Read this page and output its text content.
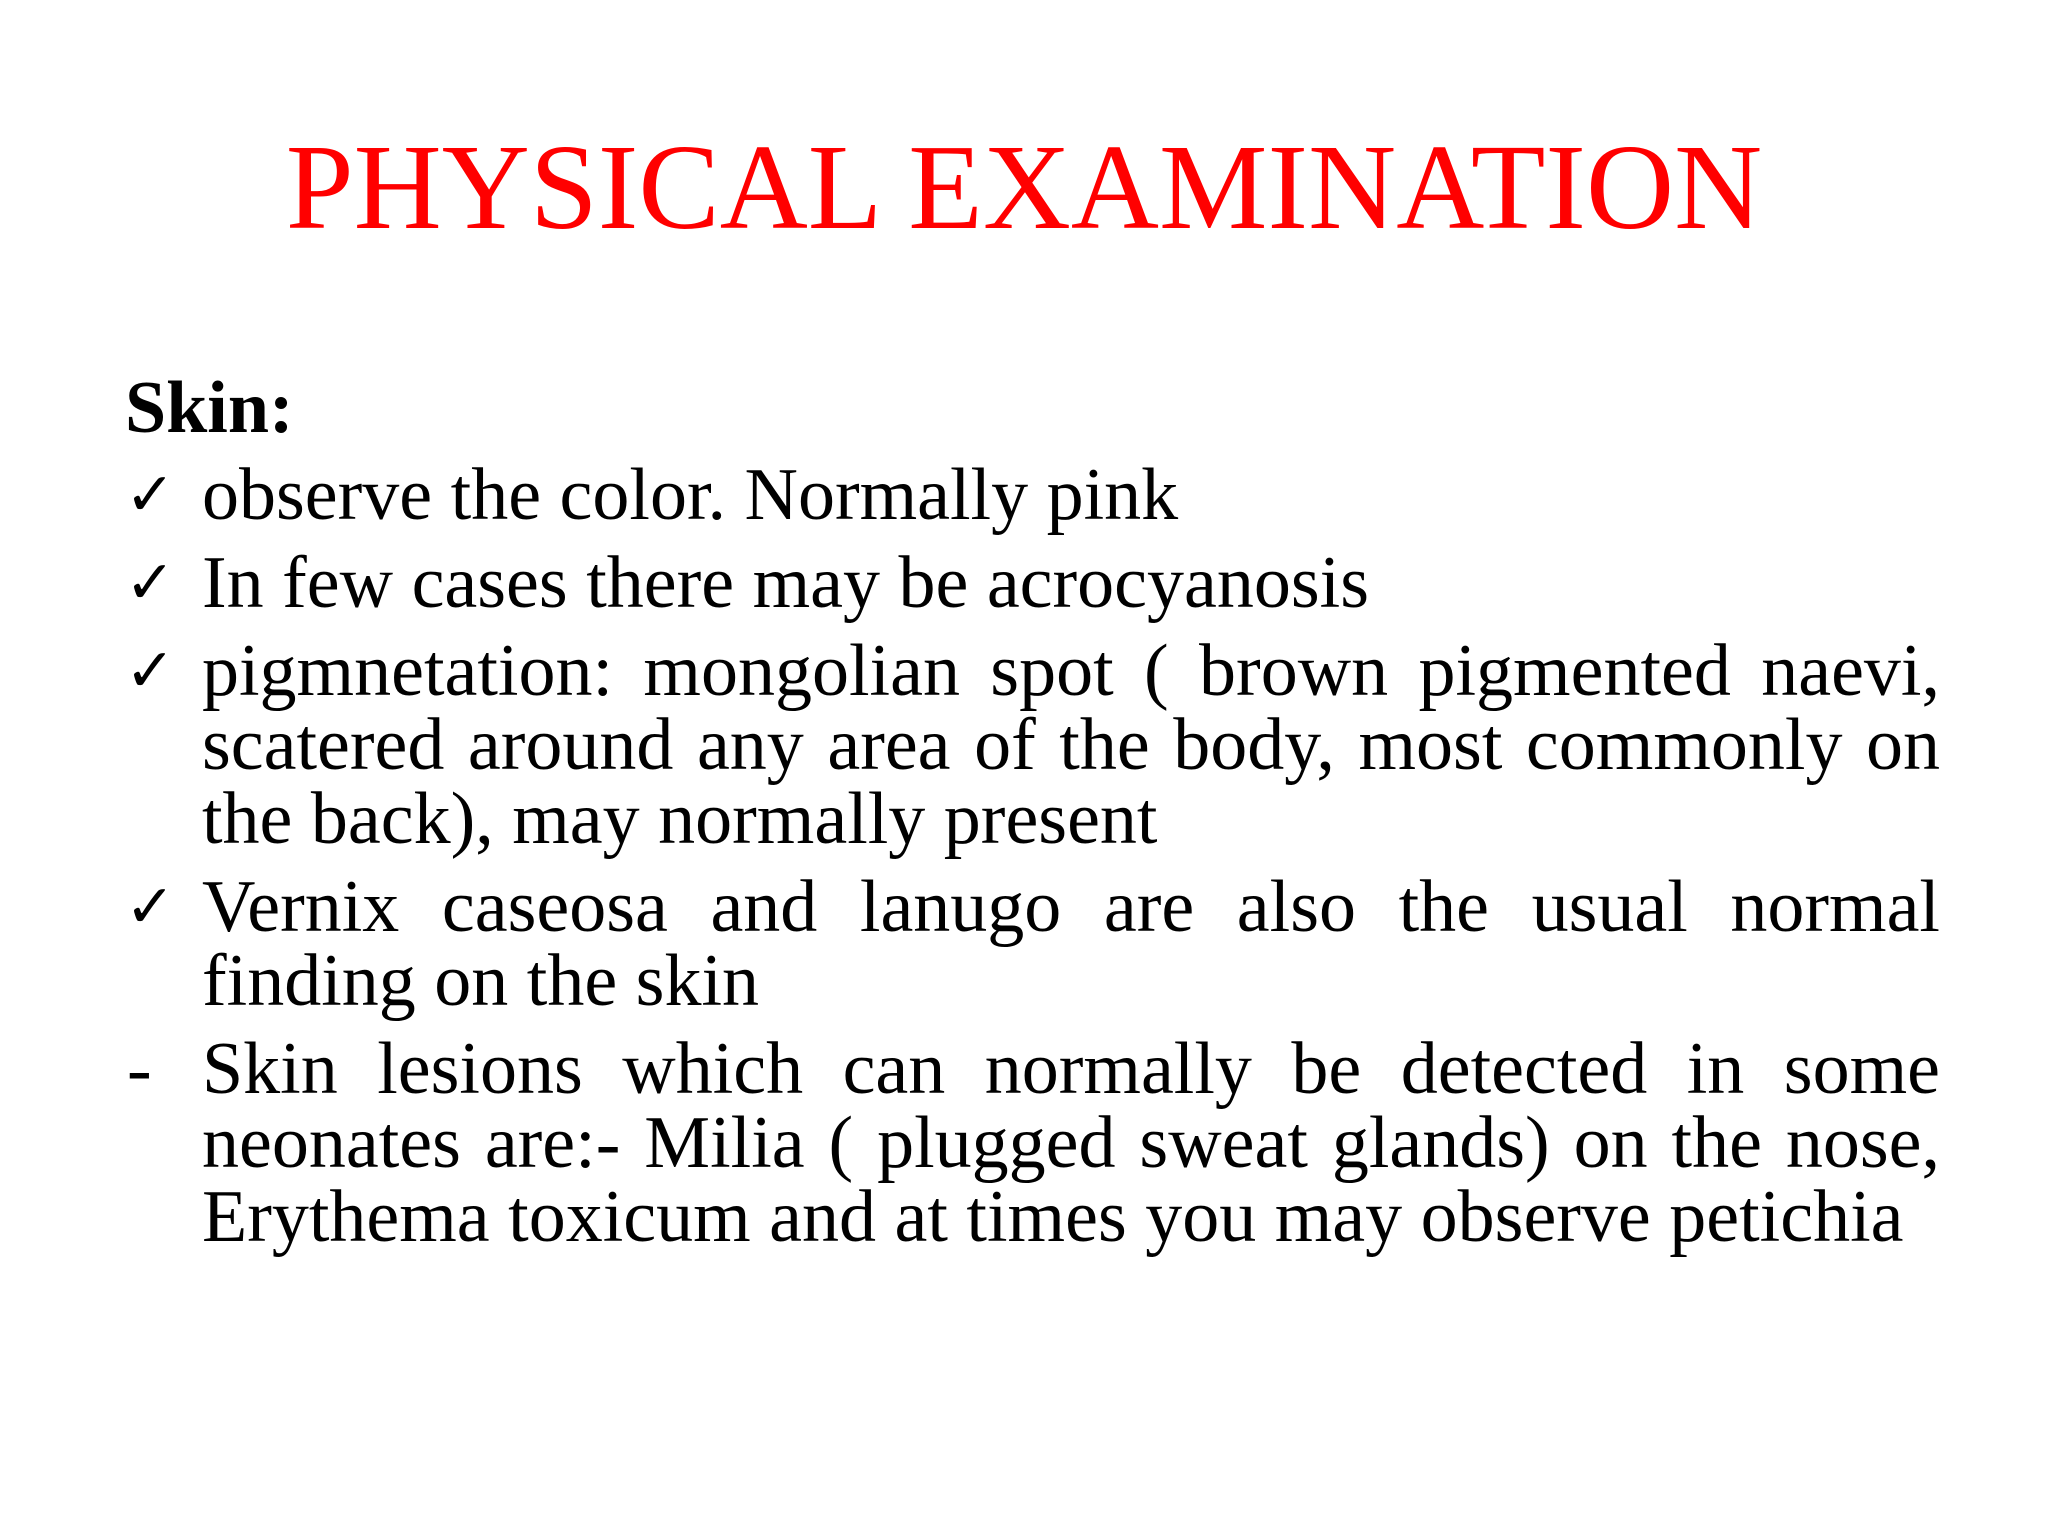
PHYSICAL EXAMINATION
Skin:
✓ observe the color. Normally pink
✓ In few cases there may be acrocyanosis
✓ pigmnetation: mongolian spot ( brown pigmented naevi, scatered around any area of the body, most commonly on the back), may normally present
✓ Vernix caseosa and lanugo are also the usual normal finding on the skin
- Skin lesions which can normally be detected in some neonates are:- Milia ( plugged sweat glands) on the nose, Erythema toxicum and at times you may observe petichia
